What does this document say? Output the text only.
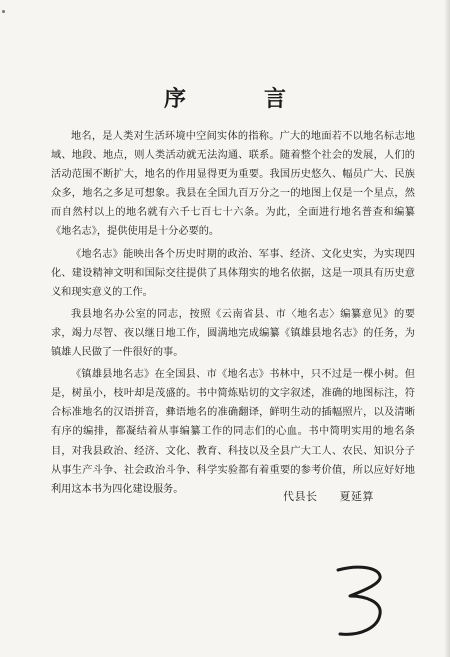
序　言

地名，是人类对生活环境中空间实体的指称。广大的地面若不以地名标志地域、地段、地点，则人类活动就无法沟通、联系。随着整个社会的发展，人们的活动范围不断扩大，地名的作用显得更为重要。我国历史悠久、幅员广大、民族众多，地名之多足可想象。我县在全国九百万分之一的地图上仅是一个星点，然而自然村以上的地名就有六千七百七十六条。为此，全面进行地名普查和编纂《地名志》，提供使用是十分必要的。

《地名志》能映出各个历史时期的政治、军事、经济、文化史实，为实现四化、建设精神文明和国际交往提供了具体翔实的地名依据，这是一项具有历史意义和现实意义的工作。

我县地名办公室的同志，按照《云南省县、市〈地名志〉编纂意见》的要求，竭力尽智、夜以继日地工作，圆满地完成编纂《镇雄县地名志》的任务，为镇雄人民做了一件很好的事。

《镇雄县地名志》在全国县、市《地名志》书林中，只不过是一棵小树。但是，树虽小，枝叶却是茂盛的。书中简炼贴切的文字叙述，准确的地图标注，符合标准地名的汉语拼音，彝语地名的准确翻译，鲜明生动的插幅照片，以及清晰有序的编排，都凝结着从事编纂工作的同志们的心血。书中简明实用的地名条目，对我县政治、经济、文化、教育、科技以及全县广大工人、农民、知识分子从事生产斗争、社会政治斗争、科学实验都有着重要的参考价值，所以应好好地利用这本书为四化建设服务。

代县长 夏延算
